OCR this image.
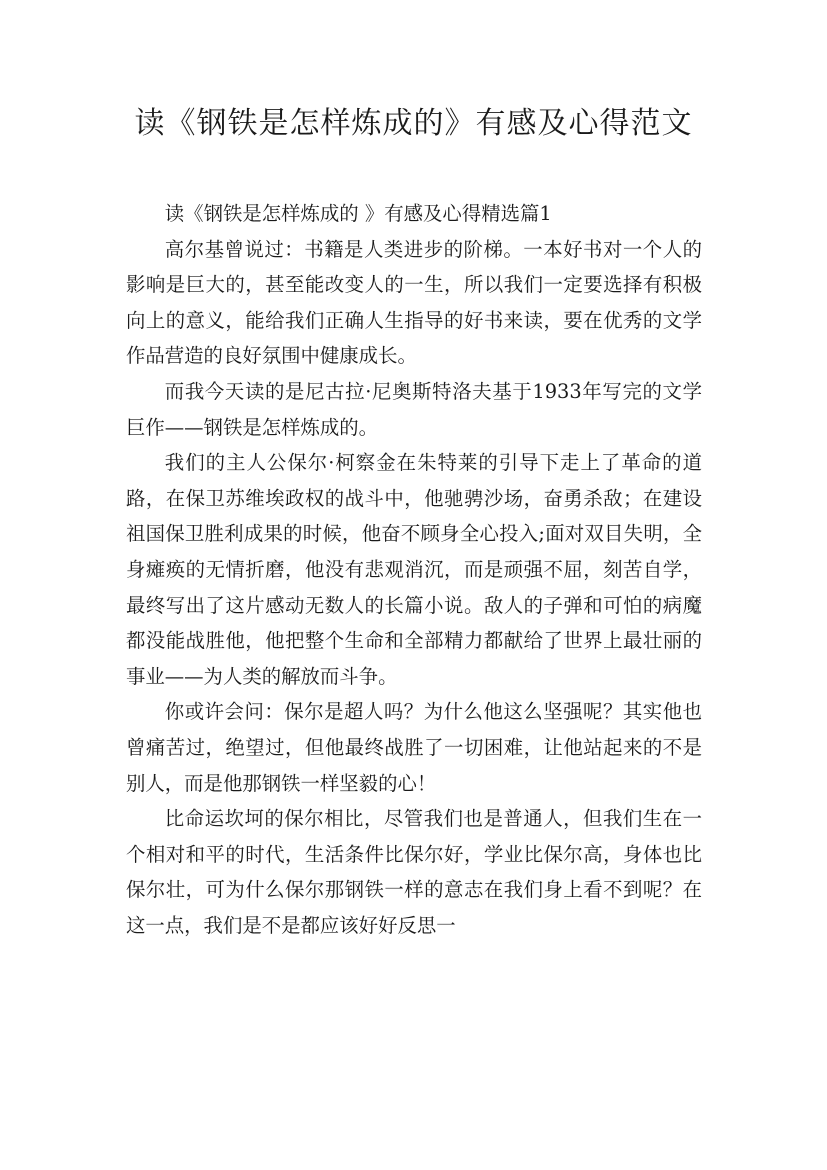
读《钢铁是怎样炼成的》有感及心得范文

读《钢铁是怎样炼成的 》有感及心得精选篇1

高尔基曾说过：书籍是人类进步的阶梯。一本好书对一个人的影响是巨大的，甚至能改变人的一生，所以我们一定要选择有积极向上的意义，能给我们正确人生指导的好书来读，要在优秀的文学作品营造的良好氛围中健康成长。

而我今天读的是尼古拉·尼奥斯特洛夫基于1933年写完的文学巨作——钢铁是怎样炼成的。

我们的主人公保尔·柯察金在朱特莱的引导下走上了革命的道路，在保卫苏维埃政权的战斗中，他驰骋沙场，奋勇杀敌；在建设祖国保卫胜利成果的时候，他奋不顾身全心投入;面对双目失明，全身瘫痪的无情折磨，他没有悲观消沉，而是顽强不屈，刻苦自学，最终写出了这片感动无数人的长篇小说。敌人的子弹和可怕的病魔都没能战胜他，他把整个生命和全部精力都献给了世界上最壮丽的事业——为人类的解放而斗争。

你或许会问：保尔是超人吗？为什么他这么坚强呢？其实他也曾痛苦过，绝望过，但他最终战胜了一切困难，让他站起来的不是别人，而是他那钢铁一样坚毅的心！

比命运坎坷的保尔相比，尽管我们也是普通人，但我们生在一个相对和平的时代，生活条件比保尔好，学业比保尔高，身体也比保尔壮，可为什么保尔那钢铁一样的意志在我们身上看不到呢？在这一点，我们是不是都应该好好反思一
